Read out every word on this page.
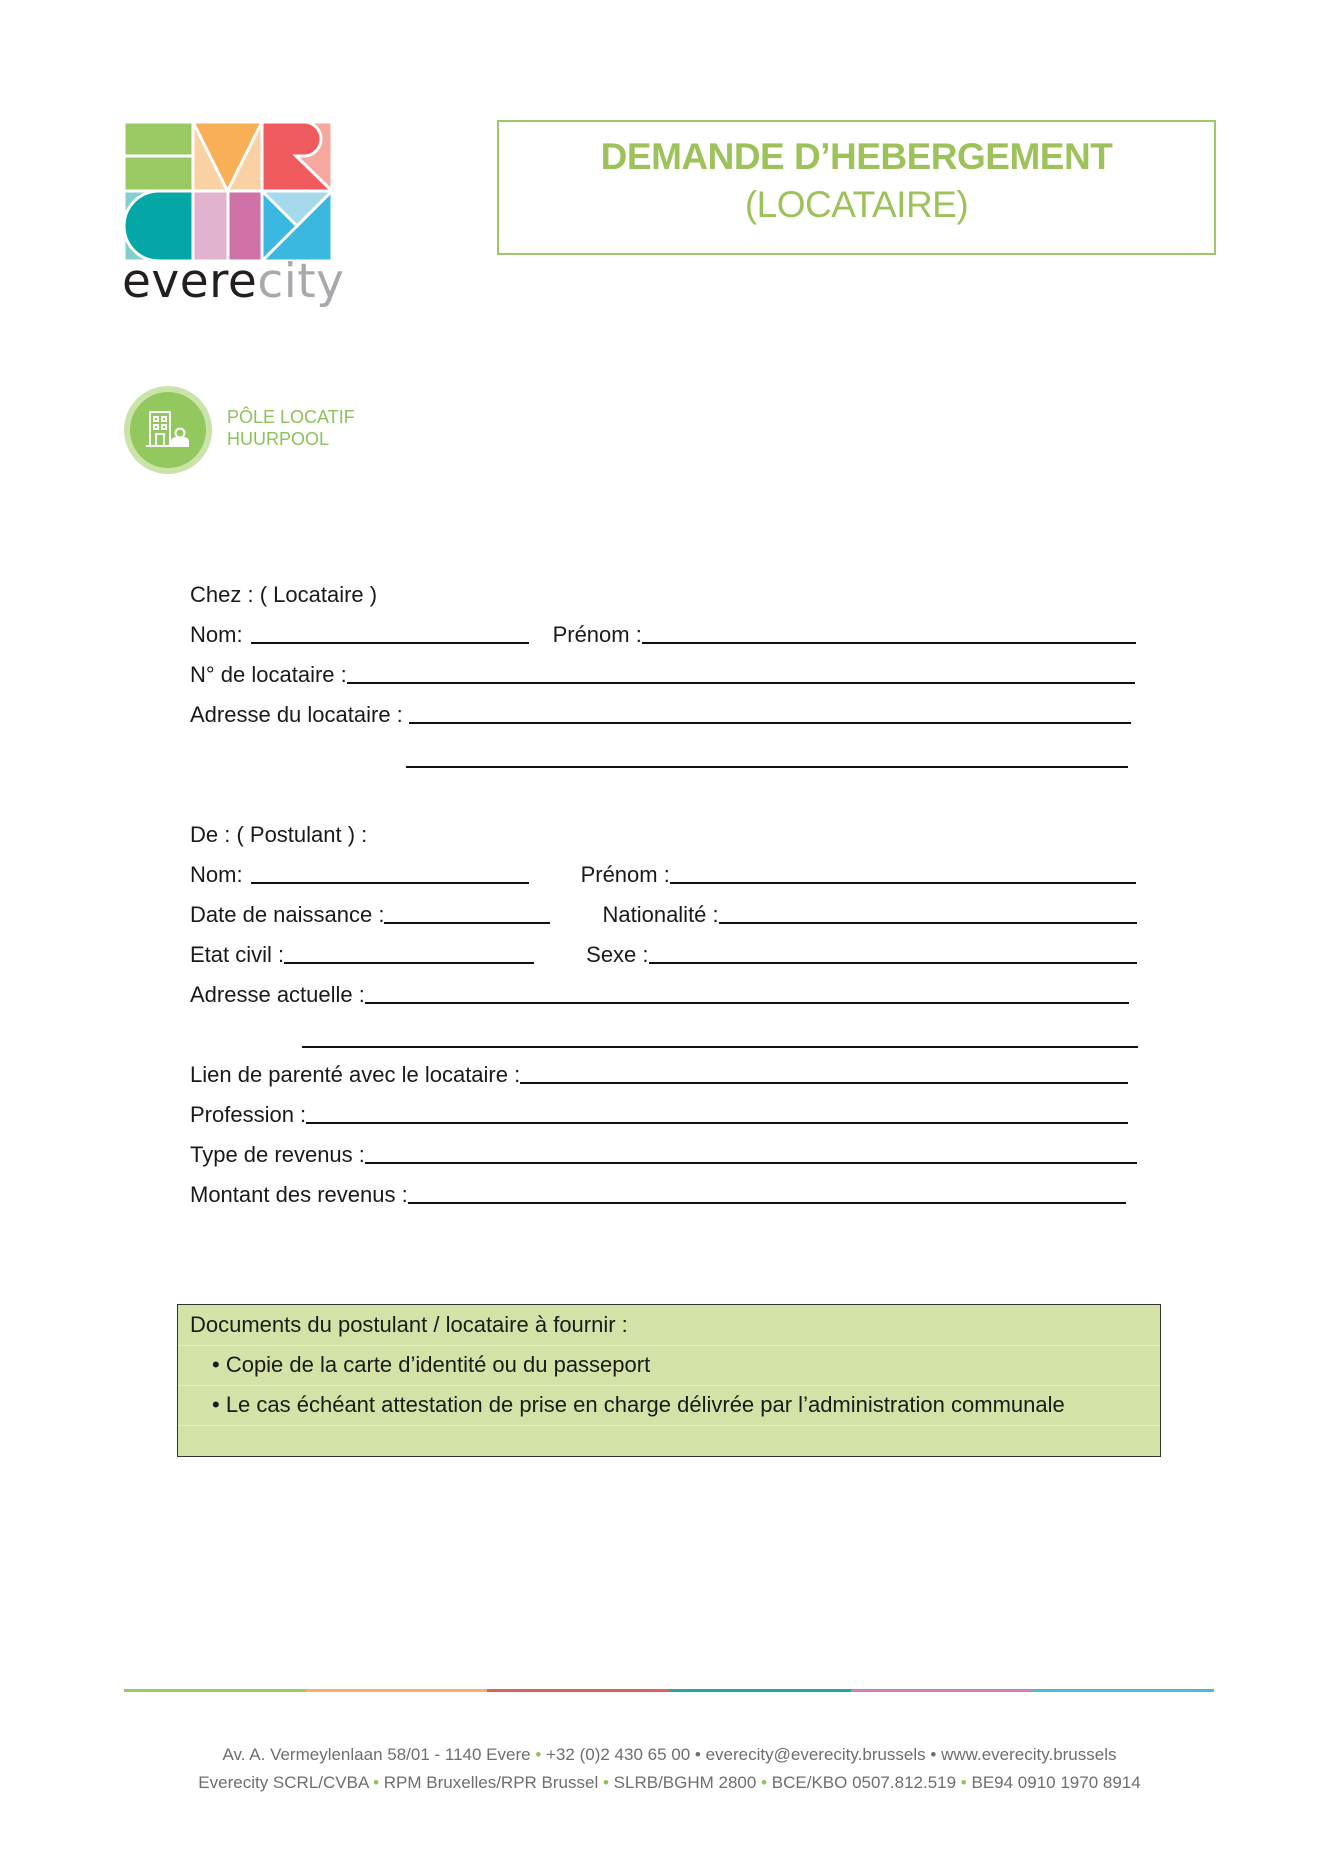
everecity
DEMANDE D’HEBERGEMENT
(LOCATAIRE)
PÔLE LOCATIF
HUURPOOL
Chez : ( Locataire )
Nom:	Prénom :
N° de locataire :
Adresse du locataire :
De : ( Postulant ) :
Nom:	Prénom :
Date de naissance :	Nationalité :
Etat civil :	Sexe :
Adresse actuelle :
Lien de parenté avec le locataire :
Profession :
Type de revenus :
Montant des revenus :
Documents du postulant / locataire à fournir :
• Copie de la carte d’identité ou du passeport
• Le cas échéant attestation de prise en charge délivrée par l’administration communale
Av. A. Vermeylenlaan 58/01 - 1140 Evere • +32 (0)2 430 65 00 • everecity@everecity.brussels • www.everecity.brussels
Everecity SCRL/CVBA • RPM Bruxelles/RPR Brussel • SLRB/BGHM 2800 • BCE/KBO 0507.812.519 • BE94 0910 1970 8914
